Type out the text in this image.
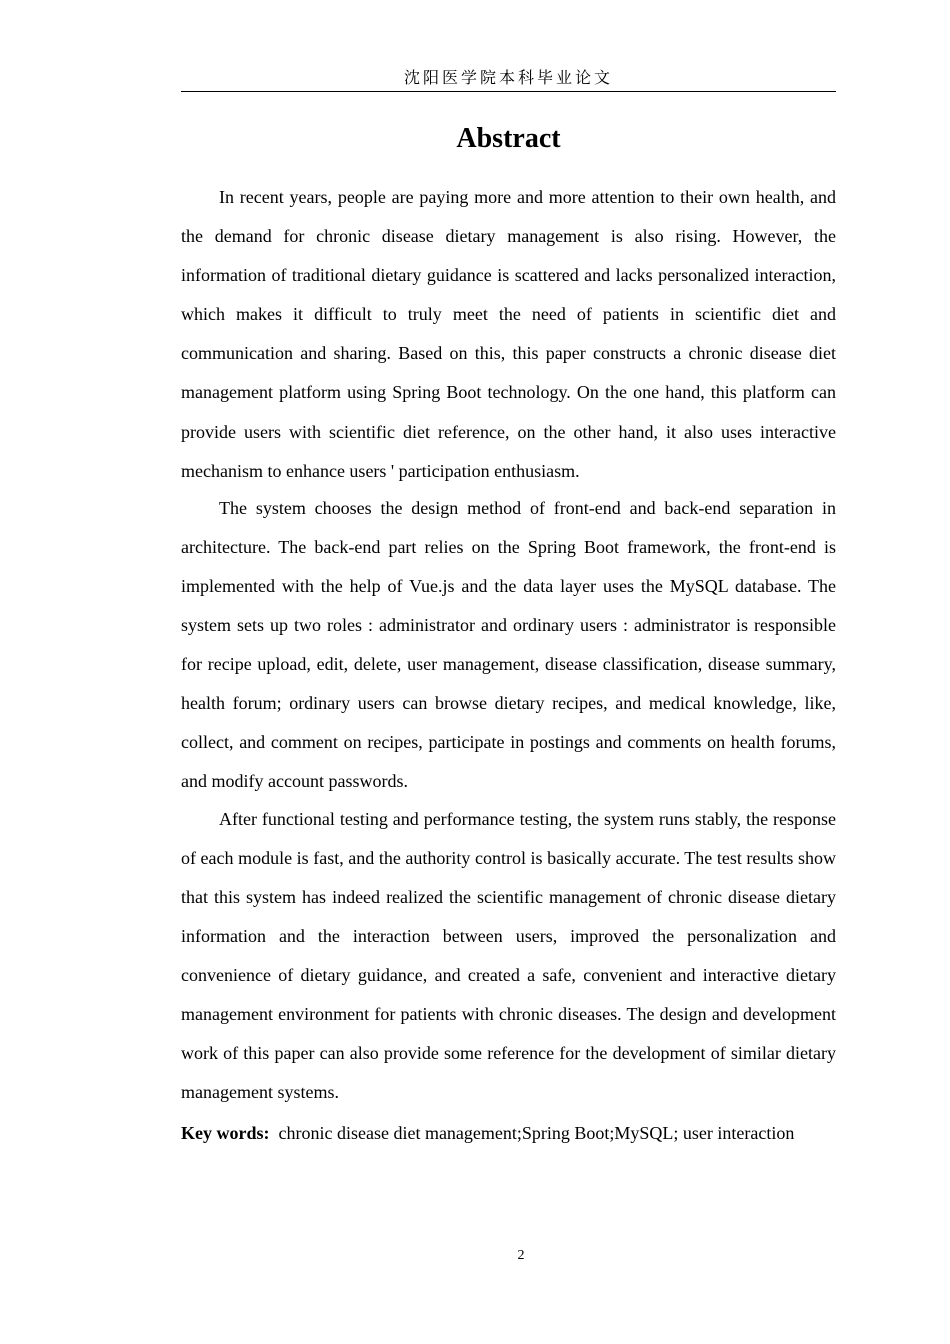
沈阳医学院本科毕业论文
Abstract

In recent years, people are paying more and more attention to their own health, and the demand for chronic disease dietary management is also rising. However, the information of traditional dietary guidance is scattered and lacks personalized interaction, which makes it difficult to truly meet the need of patients in scientific diet and communication and sharing. Based on this, this paper constructs a chronic disease diet management platform using Spring Boot technology. On the one hand, this platform can provide users with scientific diet reference, on the other hand, it also uses interactive mechanism to enhance users ' participation enthusiasm.

The system chooses the design method of front-end and back-end separation in architecture. The back-end part relies on the Spring Boot framework, the front-end is implemented with the help of Vue.js and the data layer uses the MySQL database. The system sets up two roles : administrator and ordinary users : administrator is responsible for recipe upload, edit, delete, user management, disease classification, disease summary, health forum; ordinary users can browse dietary recipes, and medical knowledge, like, collect, and comment on recipes, participate in postings and comments on health forums, and modify account passwords.

After functional testing and performance testing, the system runs stably, the response of each module is fast, and the authority control is basically accurate. The test results show that this system has indeed realized the scientific management of chronic disease dietary information and the interaction between users, improved the personalization and convenience of dietary guidance, and created a safe, convenient and interactive dietary management environment for patients with chronic diseases. The design and development work of this paper can also provide some reference for the development of similar dietary management systems.

Key words: chronic disease diet management;Spring Boot;MySQL; user interaction
2
